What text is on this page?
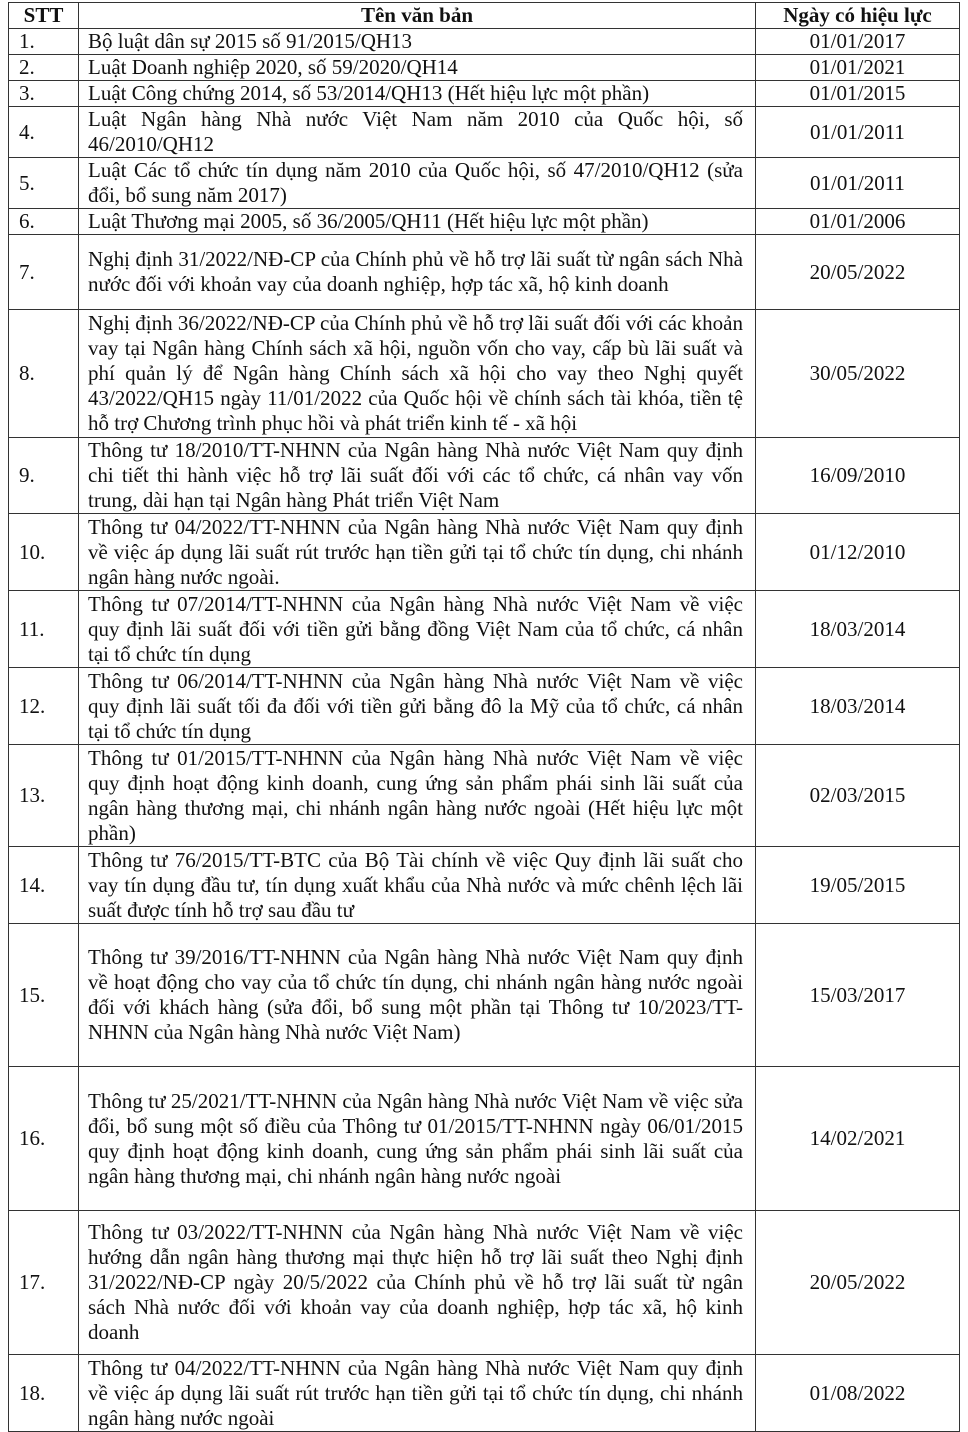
STT	Tên văn bản	Ngày có hiệu lực
1.	Bộ luật dân sự 2015 số 91/2015/QH13	01/01/2017
2.	Luật Doanh nghiệp 2020, số 59/2020/QH14	01/01/2021
3.	Luật Công chứng 2014, số 53/2014/QH13 (Hết hiệu lực một phần)	01/01/2015
4.	Luật Ngân hàng Nhà nước Việt Nam năm 2010 của Quốc hội, số 46/2010/QH12	01/01/2011
5.	Luật Các tổ chức tín dụng năm 2010 của Quốc hội, số 47/2010/QH12 (sửa đổi, bổ sung năm 2017)	01/01/2011
6.	Luật Thương mại 2005, số 36/2005/QH11 (Hết hiệu lực một phần)	01/01/2006
7.	Nghị định 31/2022/NĐ-CP của Chính phủ về hỗ trợ lãi suất từ ngân sách Nhà nước đối với khoản vay của doanh nghiệp, hợp tác xã, hộ kinh doanh	20/05/2022
8.	Nghị định 36/2022/NĐ-CP của Chính phủ về hỗ trợ lãi suất đối với các khoản vay tại Ngân hàng Chính sách xã hội, nguồn vốn cho vay, cấp bù lãi suất và phí quản lý để Ngân hàng Chính sách xã hội cho vay theo Nghị quyết 43/2022/QH15 ngày 11/01/2022 của Quốc hội về chính sách tài khóa, tiền tệ hỗ trợ Chương trình phục hồi và phát triển kinh tế - xã hội	30/05/2022
9.	Thông tư 18/2010/TT-NHNN của Ngân hàng Nhà nước Việt Nam quy định chi tiết thi hành việc hỗ trợ lãi suất đối với các tổ chức, cá nhân vay vốn trung, dài hạn tại Ngân hàng Phát triển Việt Nam	16/09/2010
10.	Thông tư 04/2022/TT-NHNN của Ngân hàng Nhà nước Việt Nam quy định về việc áp dụng lãi suất rút trước hạn tiền gửi tại tổ chức tín dụng, chi nhánh ngân hàng nước ngoài.	01/12/2010
11.	Thông tư 07/2014/TT-NHNN của Ngân hàng Nhà nước Việt Nam về việc quy định lãi suất đối với tiền gửi bằng đồng Việt Nam của tổ chức, cá nhân tại tổ chức tín dụng	18/03/2014
12.	Thông tư 06/2014/TT-NHNN của Ngân hàng Nhà nước Việt Nam về việc quy định lãi suất tối đa đối với tiền gửi bằng đô la Mỹ của tổ chức, cá nhân tại tổ chức tín dụng	18/03/2014
13.	Thông tư 01/2015/TT-NHNN của Ngân hàng Nhà nước Việt Nam về việc quy định hoạt động kinh doanh, cung ứng sản phẩm phái sinh lãi suất của ngân hàng thương mại, chi nhánh ngân hàng nước ngoài (Hết hiệu lực một phần)	02/03/2015
14.	Thông tư 76/2015/TT-BTC của Bộ Tài chính về việc Quy định lãi suất cho vay tín dụng đầu tư, tín dụng xuất khẩu của Nhà nước và mức chênh lệch lãi suất được tính hỗ trợ sau đầu tư	19/05/2015
15.	Thông tư 39/2016/TT-NHNN của Ngân hàng Nhà nước Việt Nam quy định về hoạt động cho vay của tổ chức tín dụng, chi nhánh ngân hàng nước ngoài đối với khách hàng (sửa đổi, bổ sung một phần tại Thông tư 10/2023/TT-NHNN của Ngân hàng Nhà nước Việt Nam)	15/03/2017
16.	Thông tư 25/2021/TT-NHNN của Ngân hàng Nhà nước Việt Nam về việc sửa đổi, bổ sung một số điều của Thông tư 01/2015/TT-NHNN ngày 06/01/2015 quy định hoạt động kinh doanh, cung ứng sản phẩm phái sinh lãi suất của ngân hàng thương mại, chi nhánh ngân hàng nước ngoài	14/02/2021
17.	Thông tư 03/2022/TT-NHNN của Ngân hàng Nhà nước Việt Nam về việc hướng dẫn ngân hàng thương mại thực hiện hỗ trợ lãi suất theo Nghị định 31/2022/NĐ-CP ngày 20/5/2022 của Chính phủ về hỗ trợ lãi suất từ ngân sách Nhà nước đối với khoản vay của doanh nghiệp, hợp tác xã, hộ kinh doanh	20/05/2022
18.	Thông tư 04/2022/TT-NHNN của Ngân hàng Nhà nước Việt Nam quy định về việc áp dụng lãi suất rút trước hạn tiền gửi tại tổ chức tín dụng, chi nhánh ngân hàng nước ngoài	01/08/2022
